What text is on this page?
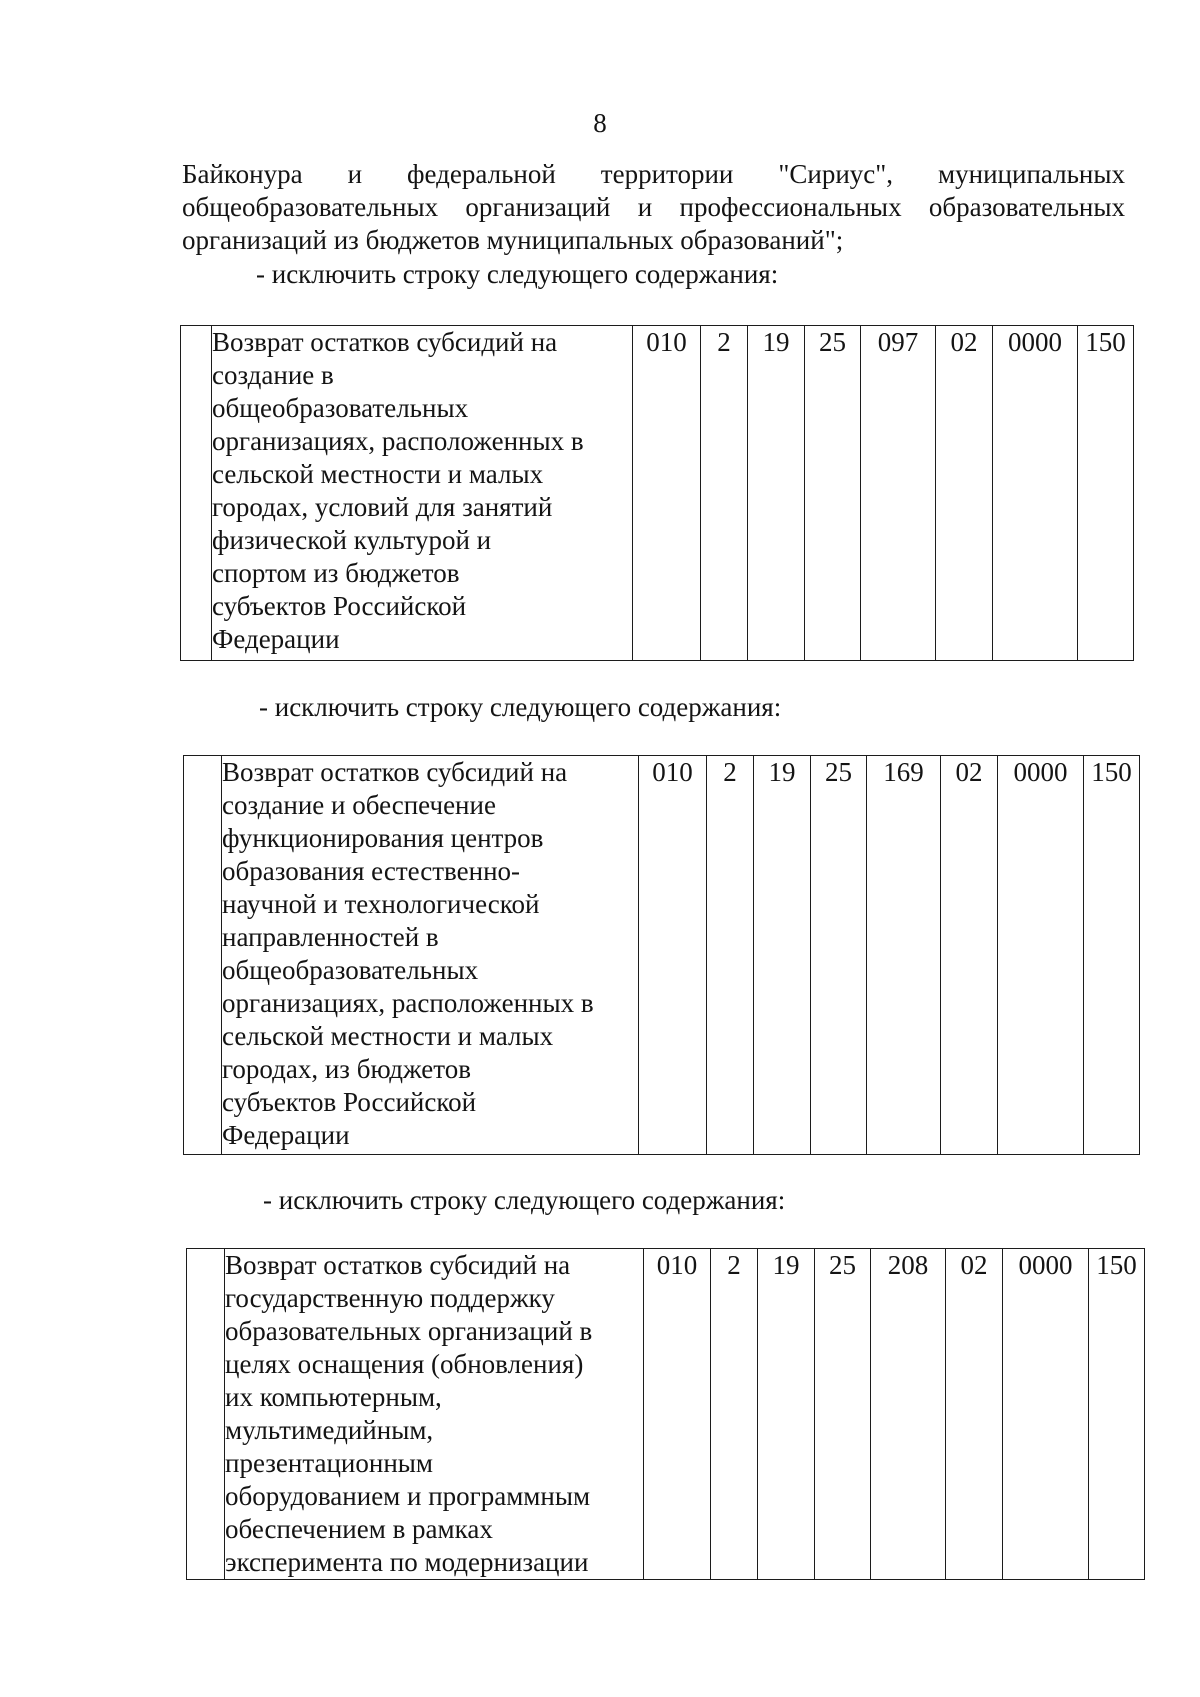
8

Байконура и федеральной территории "Сириус", муниципальных
общеобразовательных организаций и профессиональных образовательных
организаций из бюджетов муниципальных образований";

- исключить строку следующего содержания:

Возврат остатков субсидий на
создание в
общеобразовательных
организациях, расположенных в
сельской местности и малых
городах, условий для занятий
физической культурой и
спортом из бюджетов
субъектов Российской
Федерации
	010	2	19	25	097	02	0000	150
- исключить строку следующего содержания:

Возврат остатков субсидий на
создание и обеспечение
функционирования центров
образования естественно-
научной и технологической
направленностей в
общеобразовательных
организациях, расположенных в
сельской местности и малых
городах, из бюджетов
субъектов Российской
Федерации
	010	2	19	25	169	02	0000	150
- исключить строку следующего содержания:

Возврат остатков субсидий на
государственную поддержку
образовательных организаций в
целях оснащения (обновления)
их компьютерным,
мультимедийным,
презентационным
оборудованием и программным
обеспечением в рамках
эксперимента по модернизации
	010	2	19	25	208	02	0000	150
